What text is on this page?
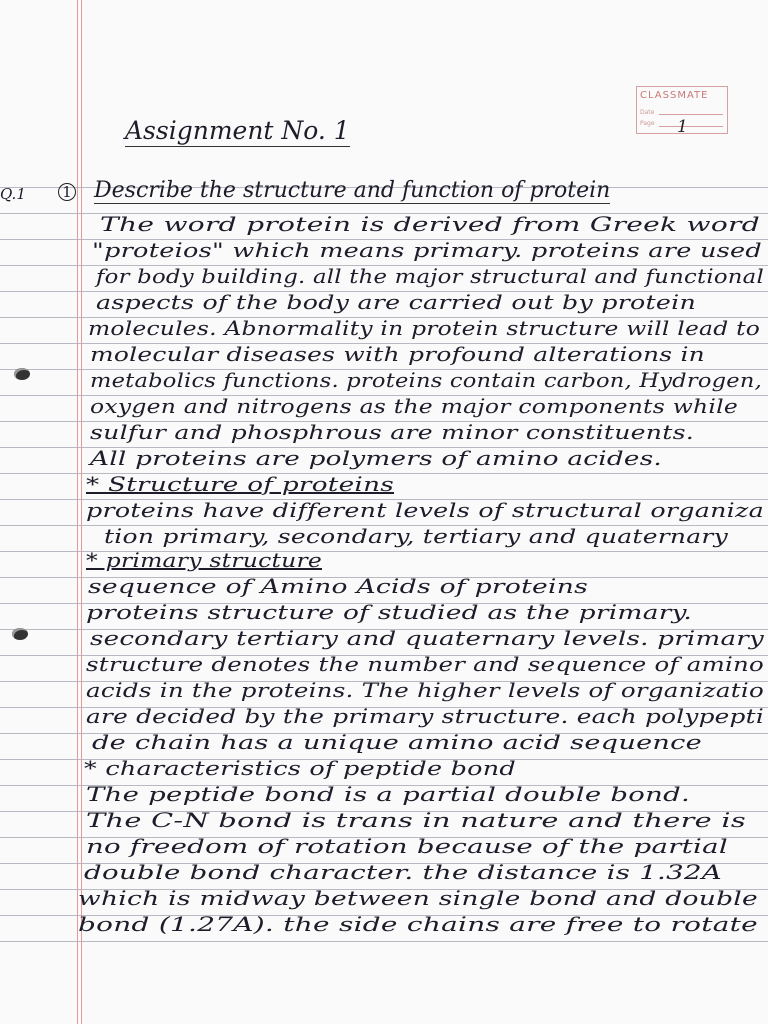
CLASSMATE
Date
Page 1
Assignment No. 1
Q.1 1 Describe the structure and function of protein
The word protein is derived from Greek word
"proteios" which means primary. proteins are used
for body building. all the major structural and functional
aspects of the body are carried out by protein
molecules. Abnormality in protein structure will lead to
molecular diseases with profound alterations in
metabolics functions. proteins contain carbon, Hydrogen,
oxygen and nitrogens as the major components while
sulfur and phosphrous are minor constituents.
All proteins are polymers of amino acides.
* Structure of proteins
proteins have different levels of structural organiza
tion primary, secondary, tertiary and quaternary
* primary structure
sequence of Amino Acids of proteins
proteins structure of studied as the primary.
secondary tertiary and quaternary levels. primary
structure denotes the number and sequence of amino
acids in the proteins. The higher levels of organizatio
are decided by the primary structure. each polypepti
de chain has a unique amino acid sequence
* characteristics of peptide bond
The peptide bond is a partial double bond.
The C-N bond is trans in nature and there is
no freedom of rotation because of the partial
double bond character. the distance is 1.32A
which is midway between single bond and double
bond (1.27A). the side chains are free to rotate
